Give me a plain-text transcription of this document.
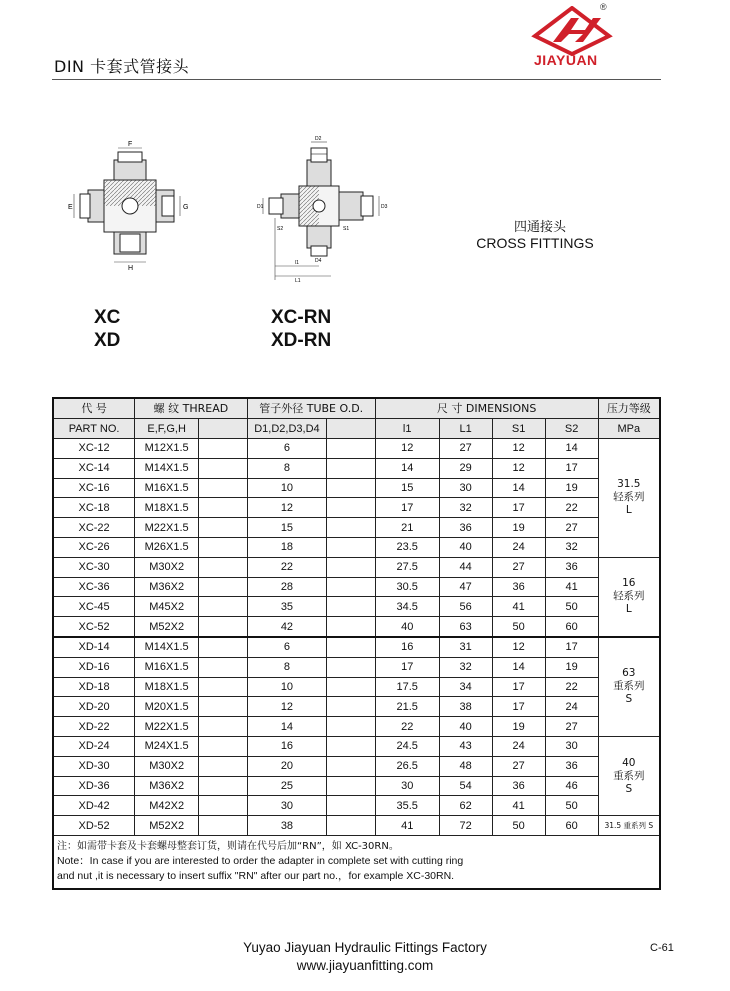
DIN 卡套式管接头
®
JIAYUAN
F
E	G
H
D2
S2
D1	D3
S1
D4
l1
L1
四通接头
CROSS FITTINGS
XC
XD
XC-RN
XD-RN
代 号	螺 纹 THREAD		管子外径 TUBE O.D.		尺 寸 DIMENSIONS				压力等级
PART NO.	E,F,G,H		D1,D2,D3,D4		l1	L1	S1	S2	MPa
XC-12	M12X1.5		6		12	27	12	14	31.5
轻系列
L

XC-14	M14X1.5		8		14	29	12	17	
XC-16	M16X1.5		10		15	30	14	19	
XC-18	M18X1.5		12		17	32	17	22	
XC-22	M22X1.5		15		21	36	19	27	
XC-26	M26X1.5		18		23.5	40	24	32	
XC-30	M30X2		22		27.5	44	27	36	16
轻系列
L

XC-36	M36X2		28		30.5	47	36	41	
XC-45	M45X2		35		34.5	56	41	50	
XC-52	M52X2		42		40	63	50	60	
XD-14	M14X1.5		6		16	31	12	17	63
重系列
S

XD-16	M16X1.5		8		17	32	14	19	
XD-18	M18X1.5		10		17.5	34	17	22	
XD-20	M20X1.5		12		21.5	38	17	24	
XD-22	M22X1.5		14		22	40	19	27	
XD-24	M24X1.5		16		24.5	43	24	30	40
重系列
S

XD-30	M30X2		20		26.5	48	27	36	
XD-36	M36X2		25		30	54	36	46	
XD-42	M42X2		30		35.5	62	41	50	
XD-52	M52X2		38		41	72	50	60	31.5 重系列 S

注：如需带卡套及卡套螺母整套订货，则请在代号后加“RN”，如 XC-30RN。
Note：In case if you are interested to order the adapter in complete set with cutting ring
and nut ,it is necessary to insert suffix "RN" after our part no.，for example XC-30RN.									
Yuyao Jiayuan Hydraulic Fittings Factory
www.jiayuanfitting.com
C-61
